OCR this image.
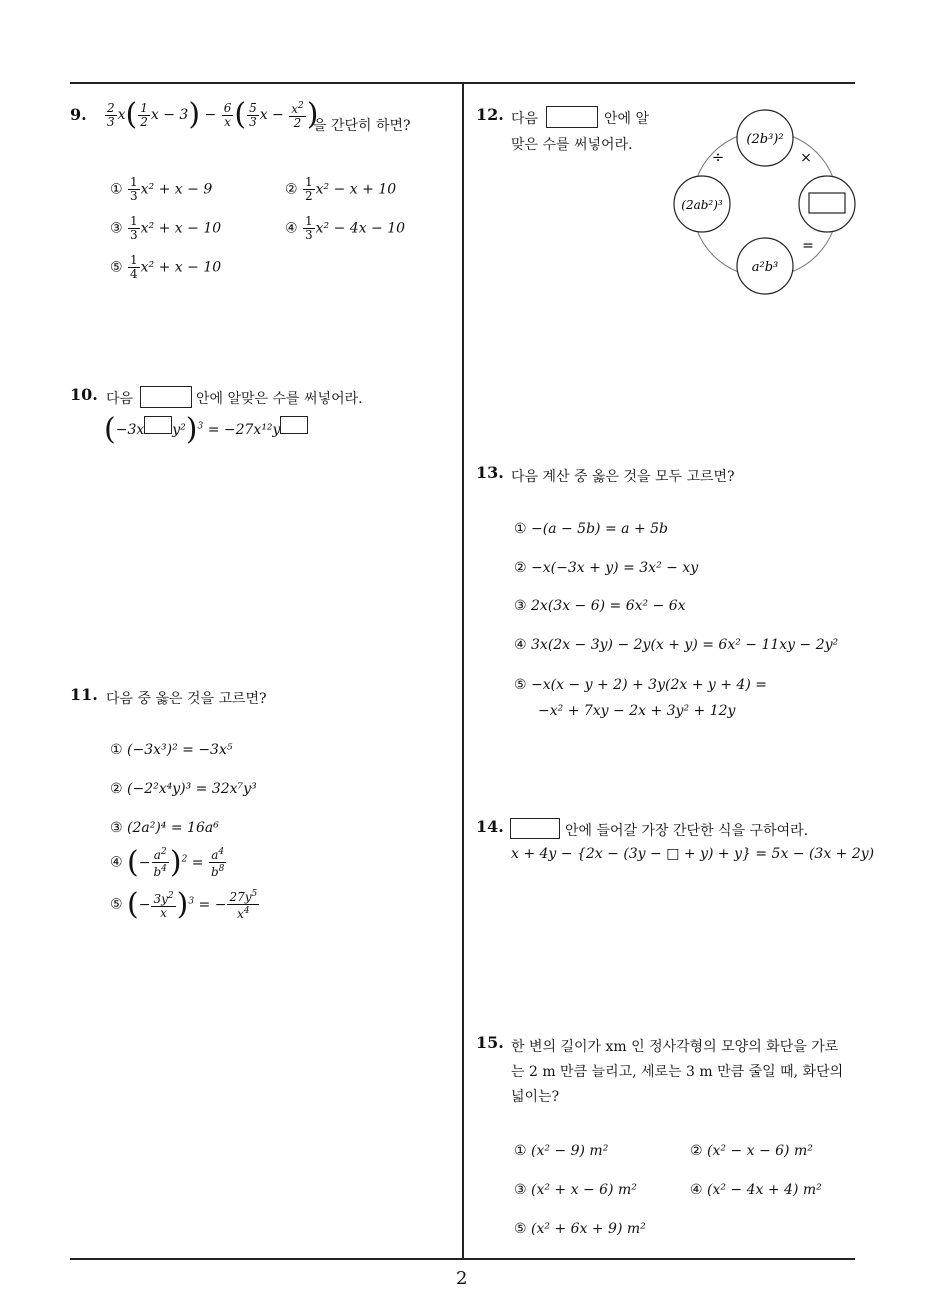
2
9. $\frac{2}{3} x( \frac{1}{2}$ $x - 3) - \frac{6}{x}$ ( $\frac{5}{3}$ $x - \frac{x^2}{2}$ )
을 간단히 하면?
① $\frac{1}{3} x^2 + x - 9$	② $\frac{1}{2} x^2 - x + 10$
③ $\frac{1}{3} x^2 + x - 10$	④ $\frac{1}{3} x^2 - 4x - 10$
⑤ $\frac{1}{4} x^2 + x - 10$
10. 다음	안에 알맞은 수를 써넣어라.
(−3x y²)$^3$ = −27x¹²y
11. 다음 중 옳은 것을 고르면?
① (−3x³)² = −3x⁵
② (−2²x⁴y)³ = 32x⁷y³
③ (2a²)⁴ = 16a⁶
④ (− $\frac{a^2}{b^4} )^2 = \frac{a^4}{b^8}$
⑤ (− $\frac{3y^2}{x} )^3$ = − $\frac{27y^5}{x^4}$
12. 다음	안에 알
맞은 수를 써넣어라.	(2b³)²
(2ab²)³
a²b³
÷	×
=
13. 다음 계산 중 옳은 것을 모두 고르면?
① −(a − 5b) = a + 5b
② −x(−3x + y) = 3x² − xy
③ 2x(3x − 6) = 6x² − 6x
④ 3x(2x − 3y) − 2y(x + y) = 6x² − 11xy − 2y²
⑤ −x(x − y + 2) + 3y(2x + y + 4) =
−x² + 7xy − 2x + 3y² + 12y
14.	안에 들어갈 가장 간단한 식을 구하여라.
x + 4y − {2x − (3y − □ + y) + y} = 5x − (3x + 2y)
15. 한 변의 길이가 xm 인 정사각형의 모양의 화단을 가로
는 2 m 만큼 늘리고, 세로는 3 m 만큼 줄일 때, 화단의
넓이는?
① (x² − 9) m²	② (x² − x − 6) m²
③ (x² + x − 6) m²	④ (x² − 4x + 4) m²
⑤ (x² + 6x + 9) m²
